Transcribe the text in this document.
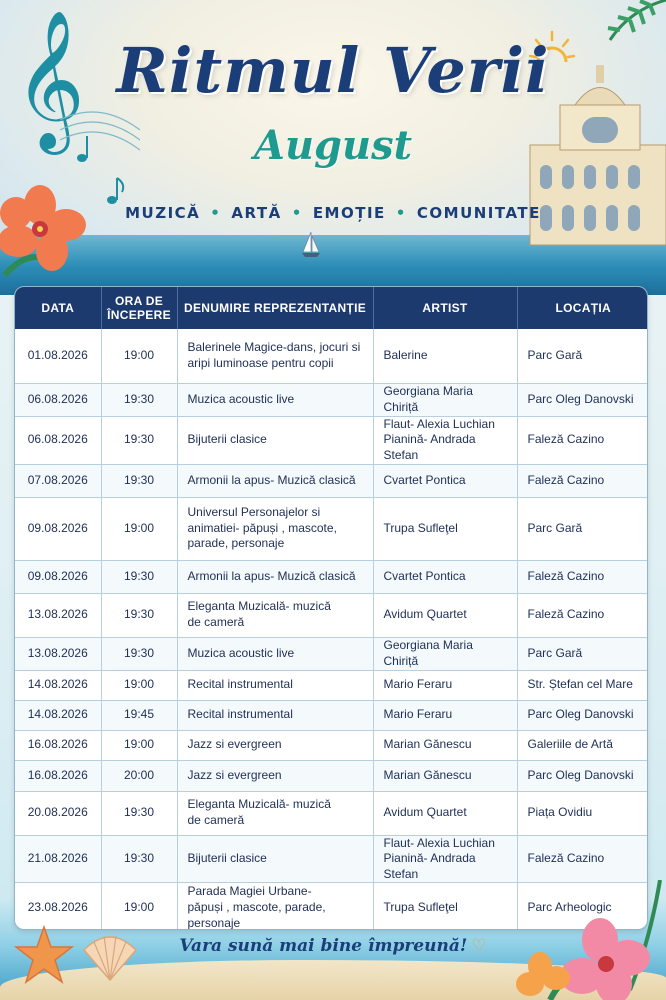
𝄞 Ritmul Verii
August
MUZICĂ • ARTĂ • EMOȚIE • COMUNITATE
DATA	ORA DE
ÎNCEPERE	DENUMIRE REPREZENTANȚIE	ARTIST	LOCAȚIA

01.08.2026	19:00	Balerinele Magice-dans, jocuri si
aripi luminoase pentru copii	Balerine	Parc Gară

06.08.2026	19:30	Muzica acoustic live	Georgiana Maria Chiriță	Parc Oleg Danovski

06.08.2026	19:30	Bijuterii clasice	Flaut- Alexia Luchian
Pianină- Andrada Stefan	Faleză Cazino

07.08.2026	19:30	Armonii la apus- Muzică clasică	Cvartet Pontica	Faleză Cazino

09.08.2026	19:00	Universul Personajelor si
animatiei- păpuși , mascote,
parade, personaje	Trupa Sufleţel	Parc Gară

09.08.2026	19:30	Armonii la apus- Muzică clasică	Cvartet Pontica	Faleză Cazino

13.08.2026	19:30	Eleganta Muzicală- muzică
de cameră	Avidum Quartet	Faleză Cazino

13.08.2026	19:30	Muzica acoustic live	Georgiana Maria Chiriță	Parc Gară

14.08.2026	19:00	Recital instrumental	Mario Feraru	Str. Ștefan cel Mare

14.08.2026	19:45	Recital instrumental	Mario Feraru	Parc Oleg Danovski

16.08.2026	19:00	Jazz si evergreen	Marian Gănescu	Galeriile de Artă

16.08.2026	20:00	Jazz si evergreen	Marian Gănescu	Parc Oleg Danovski

20.08.2026	19:30	Eleganta Muzicală- muzică
de cameră	Avidum Quartet	Piața Ovidiu

21.08.2026	19:30	Bijuterii clasice	Flaut- Alexia Luchian
Pianină- Andrada Stefan	Faleză Cazino

23.08.2026	19:00	Parada Magiei Urbane-
păpuși , mascote, parade,
personaje	Trupa Sufleţel	Parc Arheologic
Vara sună mai bine împreună! ♡
